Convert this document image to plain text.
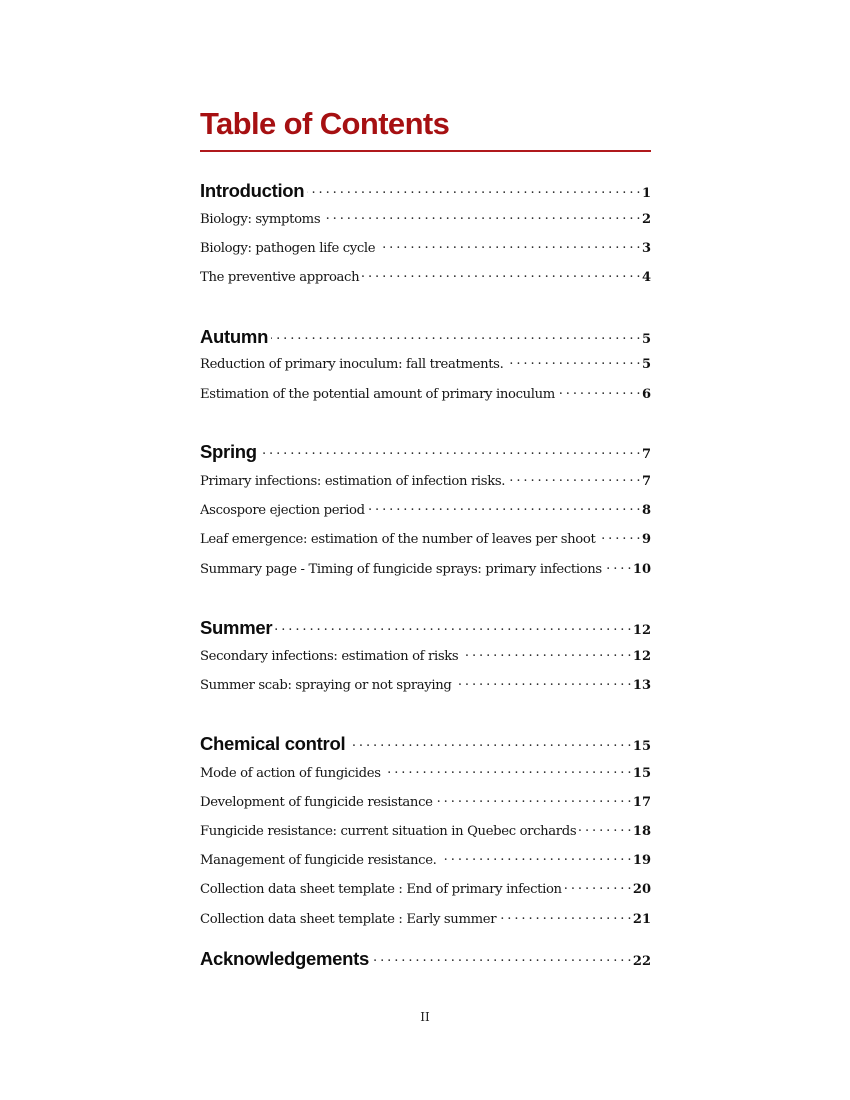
Table of Contents
Introduction . . .	1
Biology: symptoms . . .	2
Biology: pathogen life cycle . . .	3
The preventive approach . . .	4
Autumn . . .	5
Reduction of primary inoculum: fall treatments. . . .	5
Estimation of the potential amount of primary inoculum . . .	6
Spring . . .	7
Primary infections: estimation of infection risks. . . .	7
Ascospore ejection period . . .	8
Leaf emergence: estimation of the number of leaves per shoot . . .	9
Summary page - Timing of fungicide sprays: primary infections . . . 10
Summer . . .	12
Secondary infections: estimation of risks . . .	12
Summer scab: spraying or not spraying . . .	13
Chemical control . . .	15
Mode of action of fungicides . . .	15
Development of fungicide resistance . . .	17
Fungicide resistance: current situation in Quebec orchards . . .	18
Management of fungicide resistance. . . .	19
Collection data sheet template : End of primary infection . . .	20
Collection data sheet template : Early summer . . .	21
Acknowledgements . . .	22
II
